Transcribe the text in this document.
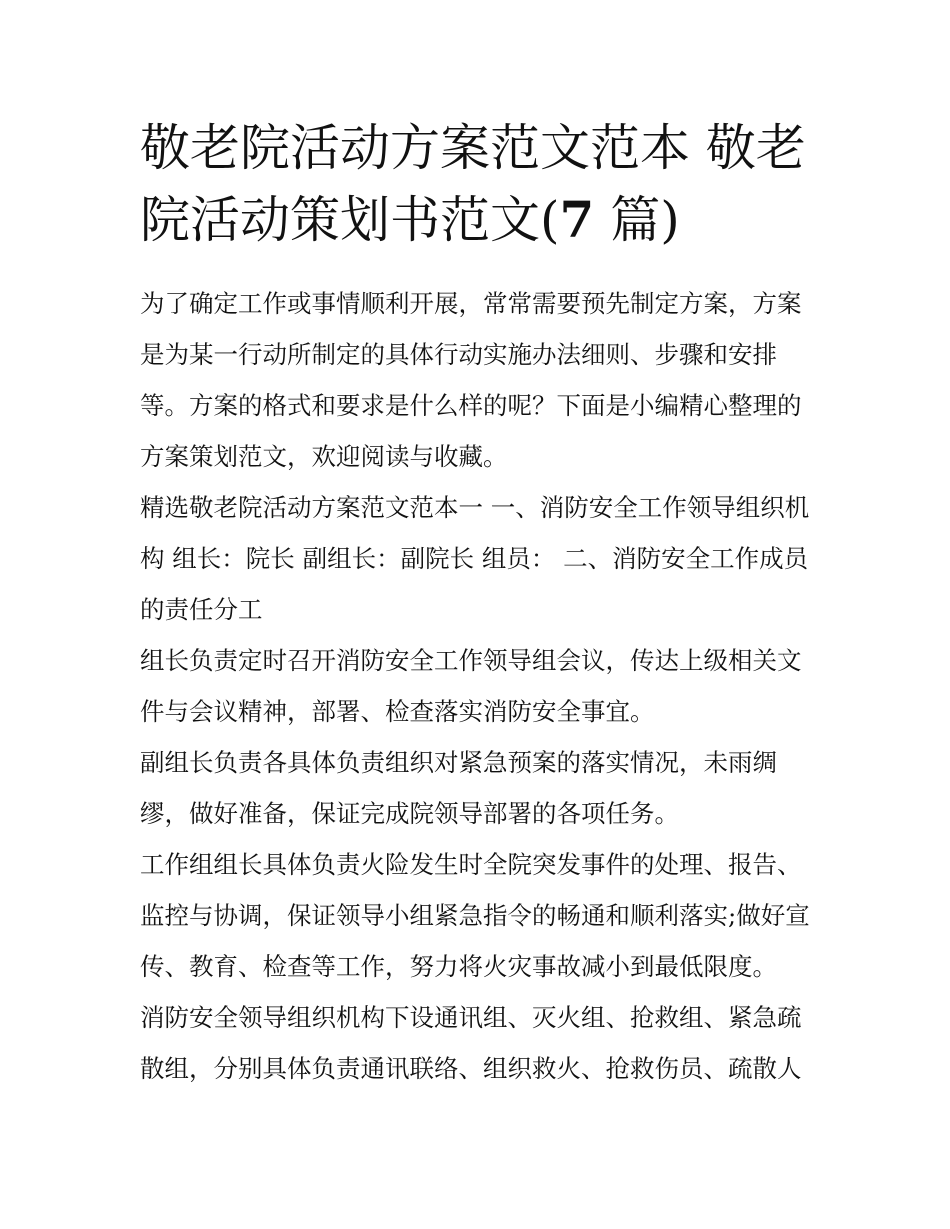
敬老院活动方案范文范本 敬老院活动策划书范文(7 篇)

为了确定工作或事情顺利开展，常常需要预先制定方案，方案是为某一行动所制定的具体行动实施办法细则、步骤和安排等。方案的格式和要求是什么样的呢？下面是小编精心整理的方案策划范文，欢迎阅读与收藏。

精选敬老院活动方案范文范本一 一、消防安全工作领导组织机构 组长：院长 副组长：副院长 组员： 二、消防安全工作成员的责任分工

组长负责定时召开消防安全工作领导组会议，传达上级相关文件与会议精神，部署、检查落实消防安全事宜。

副组长负责各具体负责组织对紧急预案的落实情况，未雨绸缪，做好准备，保证完成院领导部署的各项任务。

工作组组长具体负责火险发生时全院突发事件的处理、报告、监控与协调，保证领导小组紧急指令的畅通和顺利落实;做好宣传、教育、检查等工作，努力将火灾事故减小到最低限度。

消防安全领导组织机构下设通讯组、灭火组、抢救组、紧急疏散组，分别具体负责通讯联络、组织救火、抢救伤员、疏散人
